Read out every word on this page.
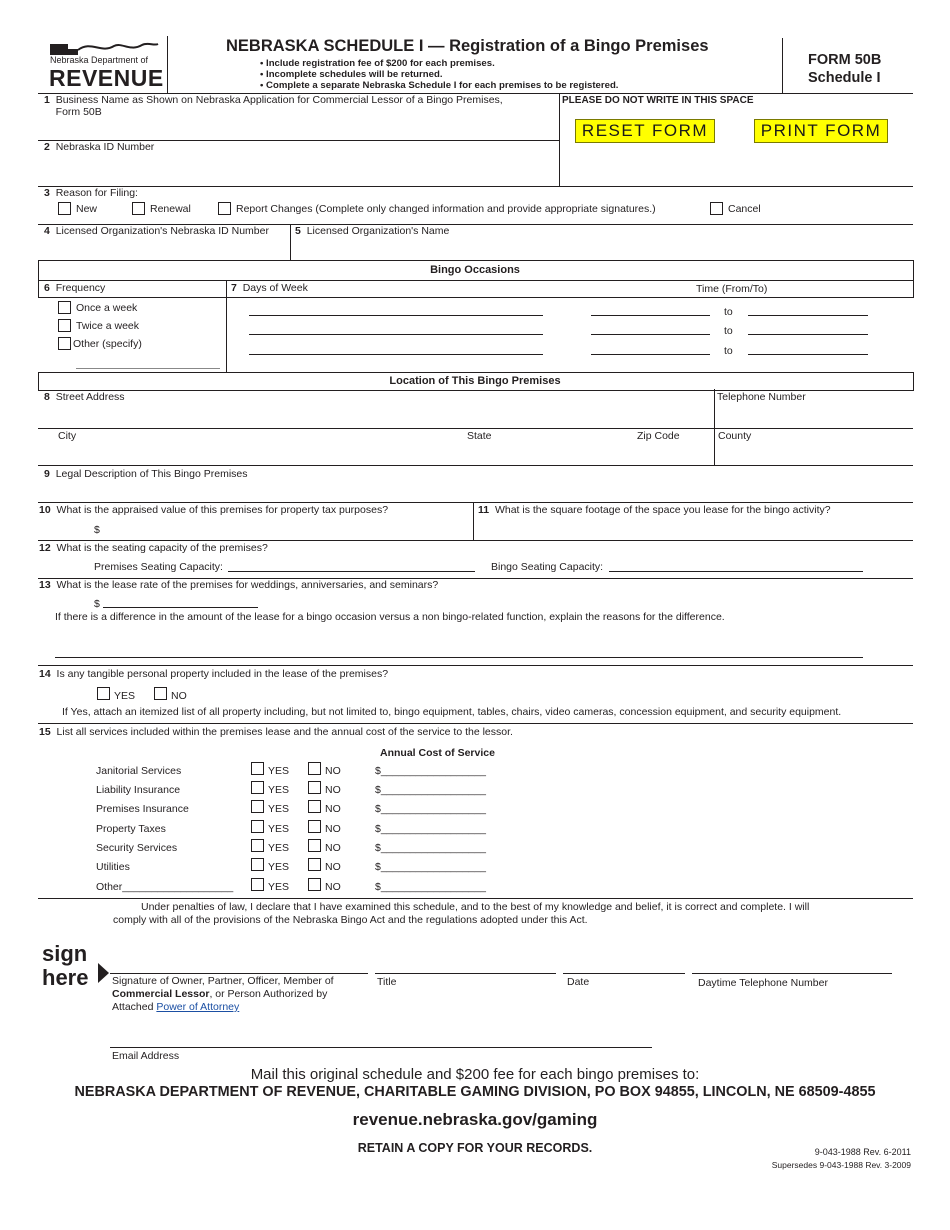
Nebraska Department of
REVENUE
NEBRASKA SCHEDULE I — Registration of a Bingo Premises
• Include registration fee of $200 for each premises.
• Incomplete schedules will be returned.
• Complete a separate Nebraska Schedule I for each premises to be registered.
FORM 50B
Schedule I
1 Business Name as Shown on Nebraska Application for Commercial Lessor of a Bingo Premises,
Form 50B
PLEASE DO NOT WRITE IN THIS SPACE
RESET FORM	PRINT FORM
2 Nebraska ID Number
3 Reason for Filing:
New	Renewal	Report Changes (Complete only changed information and provide appropriate signatures.)	Cancel
4 Licensed Organization's Nebraska ID Number 5 Licensed Organization's Name
Bingo Occasions
6 Frequency	7 Days of Week	Time (From/To)
Once a week
Twice a week
Other (specify)
to
to
to
Location of This Bingo Premises
8 Street Address	Telephone Number
City	State	Zip Code	County
9 Legal Description of This Bingo Premises
10 What is the appraised value of this premises for property tax purposes?
$
11 What is the square footage of the space you lease for the bingo activity?
12 What is the seating capacity of the premises?
Premises Seating Capacity:	Bingo Seating Capacity:
13 What is the lease rate of the premises for weddings, anniversaries, and seminars?
$
If there is a difference in the amount of the lease for a bingo occasion versus a non bingo-related function, explain the reasons for the difference.
14 Is any tangible personal property included in the lease of the premises?
YES	NO
If Yes, attach an itemized list of all property including, but not limited to, bingo equipment, tables, chairs, video cameras, concession equipment, and security equipment.
15 List all services included within the premises lease and the annual cost of the service to the lessor.
Annual Cost of Service
Janitorial Services	YES	NO	$__________________
Liability Insurance	YES	NO	$__________________
Premises Insurance	YES	NO	$__________________
Property Taxes	YES	NO	$__________________
Security Services	YES	NO	$__________________
Utilities	YES	NO	$__________________
Other___________________	YES	NO	$__________________
Under penalties of law, I declare that I have examined this schedule, and to the best of my knowledge and belief, it is correct and complete. I will
comply with all of the provisions of the Nebraska Bingo Act and the regulations adopted under this Act.
sign
here Signature of Owner, Partner, Officer, Member of
Commercial Lessor, or Person Authorized by
Attached Power of Attorney
Title	Date	Daytime Telephone Number
Email Address
Mail this original schedule and $200 fee for each bingo premises to:
NEBRASKA DEPARTMENT OF REVENUE, CHARITABLE GAMING DIVISION, PO BOX 94855, LINCOLN, NE 68509-4855
revenue.nebraska.gov/gaming
RETAIN A COPY FOR YOUR RECORDS.	9-043-1988 Rev. 6-2011
Supersedes 9-043-1988 Rev. 3-2009
